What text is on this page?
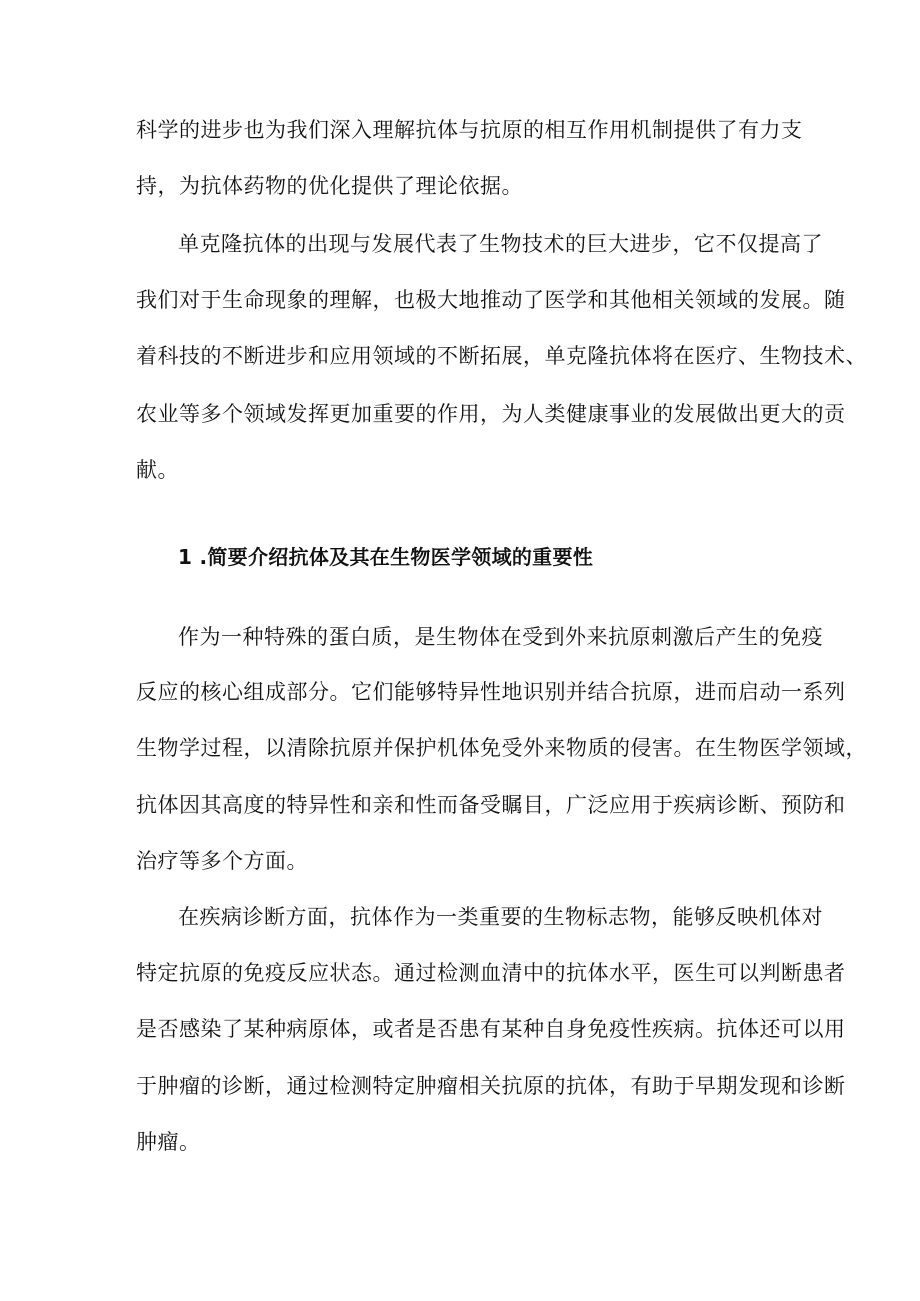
科学的进步也为我们深入理解抗体与抗原的相互作用机制提供了有力支
持，为抗体药物的优化提供了理论依据。
单克隆抗体的出现与发展代表了生物技术的巨大进步，它不仅提高了
我们对于生命现象的理解，也极大地推动了医学和其他相关领域的发展。随
着科技的不断进步和应用领域的不断拓展，单克隆抗体将在医疗、生物技术、
农业等多个领域发挥更加重要的作用，为人类健康事业的发展做出更大的贡
献。
1 .简要介绍抗体及其在生物医学领域的重要性
作为一种特殊的蛋白质，是生物体在受到外来抗原刺激后产生的免疫
反应的核心组成部分。它们能够特异性地识别并结合抗原，进而启动一系列
生物学过程，以清除抗原并保护机体免受外来物质的侵害。在生物医学领域，
抗体因其高度的特异性和亲和性而备受瞩目，广泛应用于疾病诊断、预防和
治疗等多个方面。
在疾病诊断方面，抗体作为一类重要的生物标志物，能够反映机体对
特定抗原的免疫反应状态。通过检测血清中的抗体水平，医生可以判断患者
是否感染了某种病原体，或者是否患有某种自身免疫性疾病。抗体还可以用
于肿瘤的诊断，通过检测特定肿瘤相关抗原的抗体，有助于早期发现和诊断
肿瘤。
